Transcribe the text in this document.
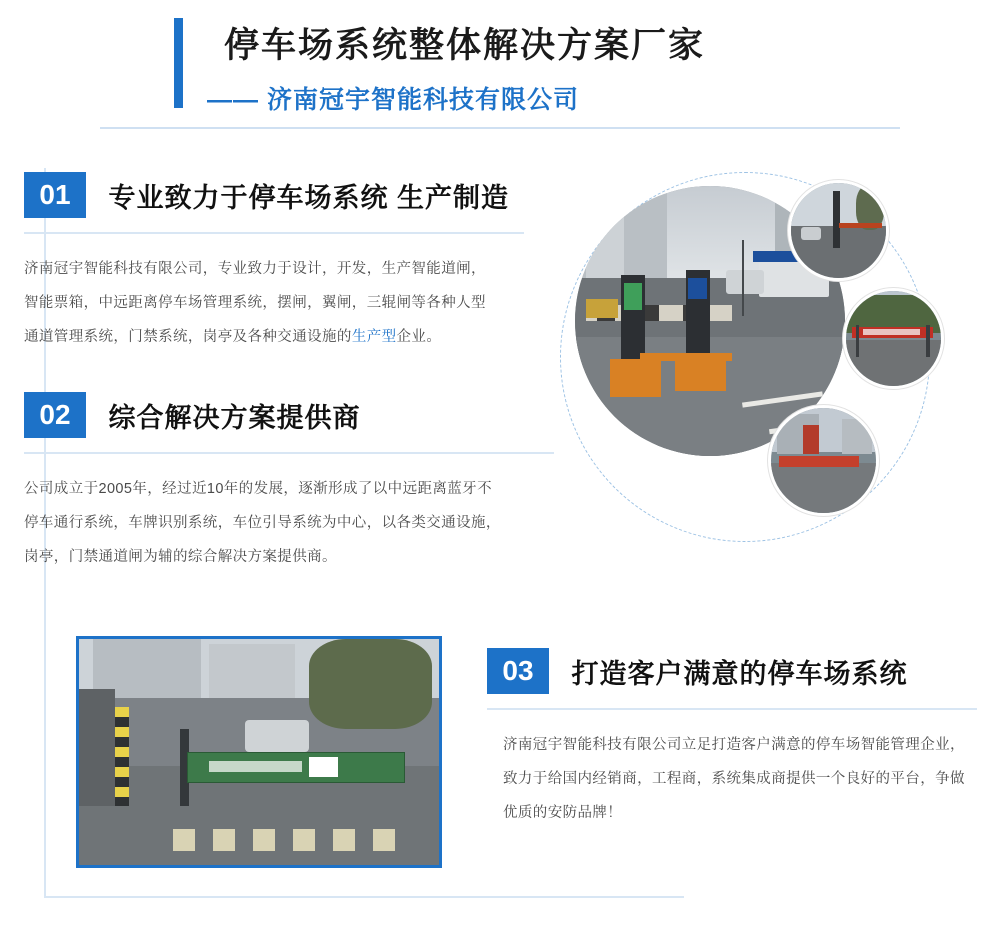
停车场系统整体解决方案厂家
—— 济南冠宇智能科技有限公司
01 专业致力于停车场系统 生产制造
济南冠宇智能科技有限公司，专业致力于设计，开发，生产智能道闸，
智能票箱，中远距离停车场管理系统，摆闸，翼闸，三辊闸等各种人型
通道管理系统，门禁系统，岗亭及各种交通设施的生产型企业。
02 综合解决方案提供商
公司成立于2005年，经过近10年的发展，逐渐形成了以中远距离蓝牙不
停车通行系统，车牌识别系统，车位引导系统为中心，以各类交通设施，
岗亭，门禁通道闸为辅的综合解决方案提供商。
03 打造客户满意的停车场系统
济南冠宇智能科技有限公司立足打造客户满意的停车场智能管理企业，
致力于给国内经销商，工程商，系统集成商提供一个良好的平台，争做
优质的安防品牌！
